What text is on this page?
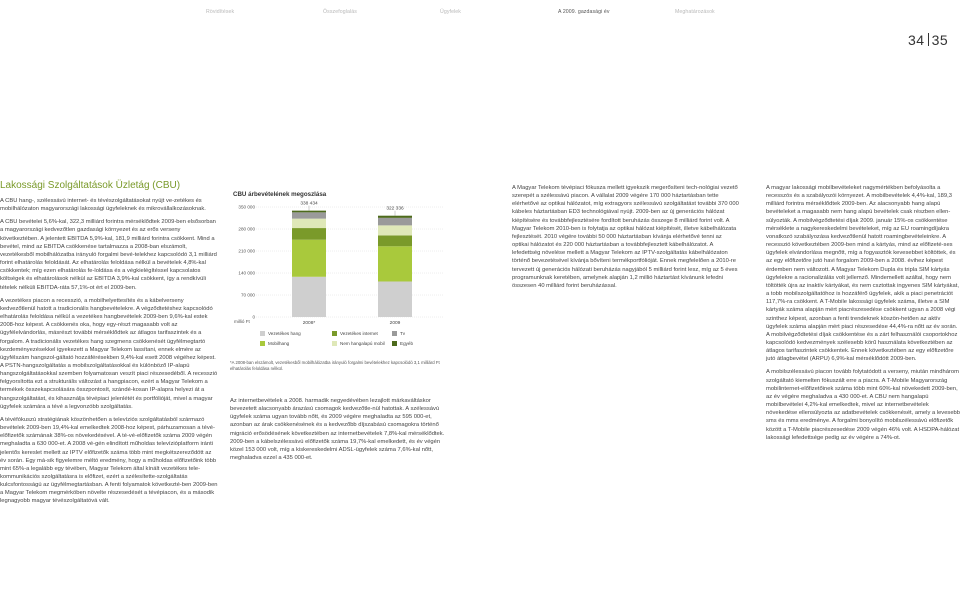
Rövidítések	Összefoglalás	Ügyfelek	A 2009. gazdasági év	Meghatározások
34 35
Lakossági Szolgáltatások Üzletág (CBU)

A CBU hang-, szélessávú internet- és tévészolgáltatásokat nyújt ve-zetékes és mobilhálózaton magyarországi lakossági ügyfeleknek és mikrovállalkozásoknak.

A CBU bevételei 5,6%-kal, 322,3 milliárd forintra mérséklődtek 2009-ben elsősorban a magyarországi kedvezőtlen gazdasági környezet és az erős verseny következtében. A jelentett EBITDA 5,9%-kal, 181,9 milliárd forintra csökkent. Mind a bevétel, mind az EBITDA csökkenése tartalmazza a 2008-ban elszámolt, vezetékesből mobilhálózatba irányuló forgalmi bevé-telekhez kapcsolódó 3,1 milliárd forint elhatárolás feloldását. Az elhatárolás feloldása nélkül a bevételek 4,8%-kal csökkentek; míg ezen elhatárolás fe-loldása és a végkielégítéssel kapcsolatos költségek és elhatárolások nélkül az EBITDA 3,9%-kal csökkent, így a rendkívüli tételek nélküli EBITDA-ráta 57,1%-ot ért el 2009-ben.

A vezetékes piacon a recesszió, a mobilhelyettesítés és a kábelverseny kedvezőtlenül hatott a tradicionális hangbevételekre. A végződtetéshez kapcsolódó elhatárolás feloldása nélkül a vezetékes hangbevételek 2009-ben 9,6%-kal estek 2008-hoz képest. A csökkenés oka, hogy egy-részt magasabb volt az ügyfélelvándorlás, másrészt további mérséklődtek az átlagos tarifaszintek és a forgalom. A tradicionális vezetékes hang szegmens csökkenését ügyfélmegtartó kezdeményezésekkel igyekezett a Magyar Telekom lassítani, ennek elmére az ügyfélszám hangszol-gáltató hozzáférésekben 9,4%-kal esett 2008 végéhez képest. A PSTN-hangszolgáltatás a mobilszolgáltatásokkal és különböző IP-alapú hangszolgáltatásokkal szemben folyamatosan veszít piaci részesedéből. A recesszió felgyorsította ezt a strukturális változást a hangpiacon, ezért a Magyar Telekom a termékek összekapcsolására összpontosít, szándé-kosan IP-alapra helyezi át a hangszolgáltatást, és kihasználja tévépiaci jelenlétét és portfólióját, mivel a magyar ügyfelek számára a tévé a legvonzóbb szolgáltatás.

A tévéfókuszú stratégiának köszönhetően a televíziós szolgáltatásból származó bevételek 2009-ben 19,4%-kal emelkedtek 2008-hoz képest, párhuzamosan a tévé-előfizetők számának 38%-os növekedésével. A té-vé-előfizetők száma 2009 végén meghaladta a 630 000-et. A 2008 vé-gén elindított műholdas televízióplatform iránti jelentős kereslet mellett az IPTV előfizetők száma több mint megkétszereződött az év során. Egy má-sik figyelemre méltó eredmény, hogy a műholdas előfizetőink több mint 65%-a legalább egy tévében, Magyar Telekom által kínált vezetékes tele-kommunikációs szolgáltatásra is előfizet, ezért a szélesítette-szolgáltatás kulcsfontosságú az ügyfélmegtartásban. A fenti folyamatok következté-ben 2009-ben a Magyar Telekom megmérköben növelte részesedését a tévépiacon, és a második legnagyobb magyar tévészolgáltatóvá vált.

CBU árbevételének megoszlása
0
70 000
140 000
210 000
280 000
350 000
millió Ft
338 434
2008*
322 336
2009
Vezetékes hang	Vezetékes internet	Tv
Mobilhang	Nem hangalapú mobil	Egyéb
*A 2008-ban elszámolt, vezetékesből mobilhálózatba irányuló forgalmi bevételekhez kapcsolódó 3,1 milliárd Ft elhatárolás feloldása nélkül.

Az internetbevételek a 2008. harmadik negyedévében lezajlott márkaváltáskor bevezetett alacsonyabb árazású csomagok kedvezőtle-nül hatottak. A szélessávú ügyfelek száma ugyan tovább nőtt, és 2009 végére meghaladta az 595 000-et, azonban az árak csökkenésének és a kedvezőbb díjszabású csomagokra történő migráció erősödésének következtében az internetbevételek 7,8%-kal mérséklődtek. 2009-ben a kábelszélessávú előfizetők száma 19,7%-kal emelkedett, és év végén közel 153 000 volt, míg a kiskereskedelmi ADSL-ügyfelek száma 7,6%-kal nőtt, meghaladva ezzel a 435 000-et.

A Magyar Telekom tévépiaci fókusza mellett igyekszik megerősíteni tech-nológiai vezető szerepét a szélessávú piacon. A vállalat 2009 végére 170 000 háztartásban tette elérhetővé az optikai hálózatot, míg extragyors szélessávú szolgáltatást további 370 000 kábeles háztartásban ED3 technológiával nyújt. 2009-ben az új generációs hálózat kiépítésére és továbbfejlesztésére fordított beruházás összege 8 milliárd forint volt. A Magyar Telekom 2010-ben is folytatja az optikai hálózat kiépítését, illetve kábelhálózata fejlesztését. 2010 végére további 50 000 háztartásban kívánja elérhetővé tenni az optikai hálózatot és 220 000 háztartásban a továbbfejlesztett kábelhálózatot. A lefedettség növelése mellett a Magyar Telekom az IPTV-szolgáltatás kábelhálózaton történő bevezetésével kívánja bővíteni termékportfólióját. Ennek megfelelően a 2010-re tervezett új generációs hálózati beruházás nagyjából 5 milliárd forint lesz, míg az 5 éves programunknak keretében, amelynek alapján 1,2 millió háztartást kívánunk lefedni összesen 40 milliárd forint beruházással.

A magyar lakossági mobilbevételeket nagymértékben befolyásolta a recesszós és a szabályozói környezet. A mobilbevételek 4,4%-kal, 189,3 milliárd forintra mérséklődtek 2009-ben. Az alacsonyabb hang alapú bevételeket a magasabb nem hang alapú bevételek csak részben ellen-súlyozták. A mobilvégződtetési díjak 2009. január 15%-os csökkentése mérséklete a nagykereskedelmi bevételeket, míg az EU roamingdíjakra vonatkozó szabályozása kedvezőtlenül hatott roamingbevételeinkre. A recesszió következtében 2009-ben mind a kártyás, mind az előfizeté-ses ügyfelek elvándorlása megnőtt, míg a fogyasztók kevesebbet költöttek, és az egy előfizetőre jutó havi forgalom 2009-ben a 2008. évihez képest érdemben nem változott. A Magyar Telekom Dupla és tripla SIM kártyás ügyfelekre a racionalizálás volt jellemző. Mindemellett azáltal, hogy nem töltötték újra az inaktív kártyákat, és nem csztottak ingyenes SIM kártyákat, a tobb mobilszolgáltatóhoz is hozzáférő ügyfelek, akik a piaci penetrációt 117,7%-ra csökkent. A T-Mobile lakossági ügyfelek száma, illetve a SIM kártyák száma alapján mért piacrészesedése csökkent ugyan a 2008 végi szinthez képest, azonban a fenti trendeknek köszön-hetően az aktív ügyfelek száma alapján mért piaci részesedése 44,4%-ra nőtt az év során. A mobilvégződtetési díjak csökkentése és a zárt felhasználói csoportokhoz kapcsolódó kedvezmények szélesebb körű használata következtében az átlagos tarifaszintek csökkentek. Ennek következtében az egy előfizetőre jutó átlagbevétel (ARPU) 6,9%-kal mérséklődött 2009-ben.

A mobilszélessávú piacon tovább folytatódott a verseny, miután mindhárom szolgáltató kiemelten fókuszált erre a piacra. A T-Mobile Magyarország mobilinternet-előfizetőinek száma több mint 60%-kal növekedett 2009-ben, az év végére meghaladva a 430 000-et. A CBU nem hangalapú mobilbevételei 4,2%-kal emelkedtek, mivel az internetbevételek növekedése ellensúlyozta az adatbevételek csökkenését, amely a levesebb sms és mms eredménye. A forgalmi bonyolító mobilszélessávú előfizetők között a T-Mobile piacrészesedése 2009 végén 46% volt. A HSDPA-hálózat lakossági lefedettsége pedig az év végére a 74%-ot.
